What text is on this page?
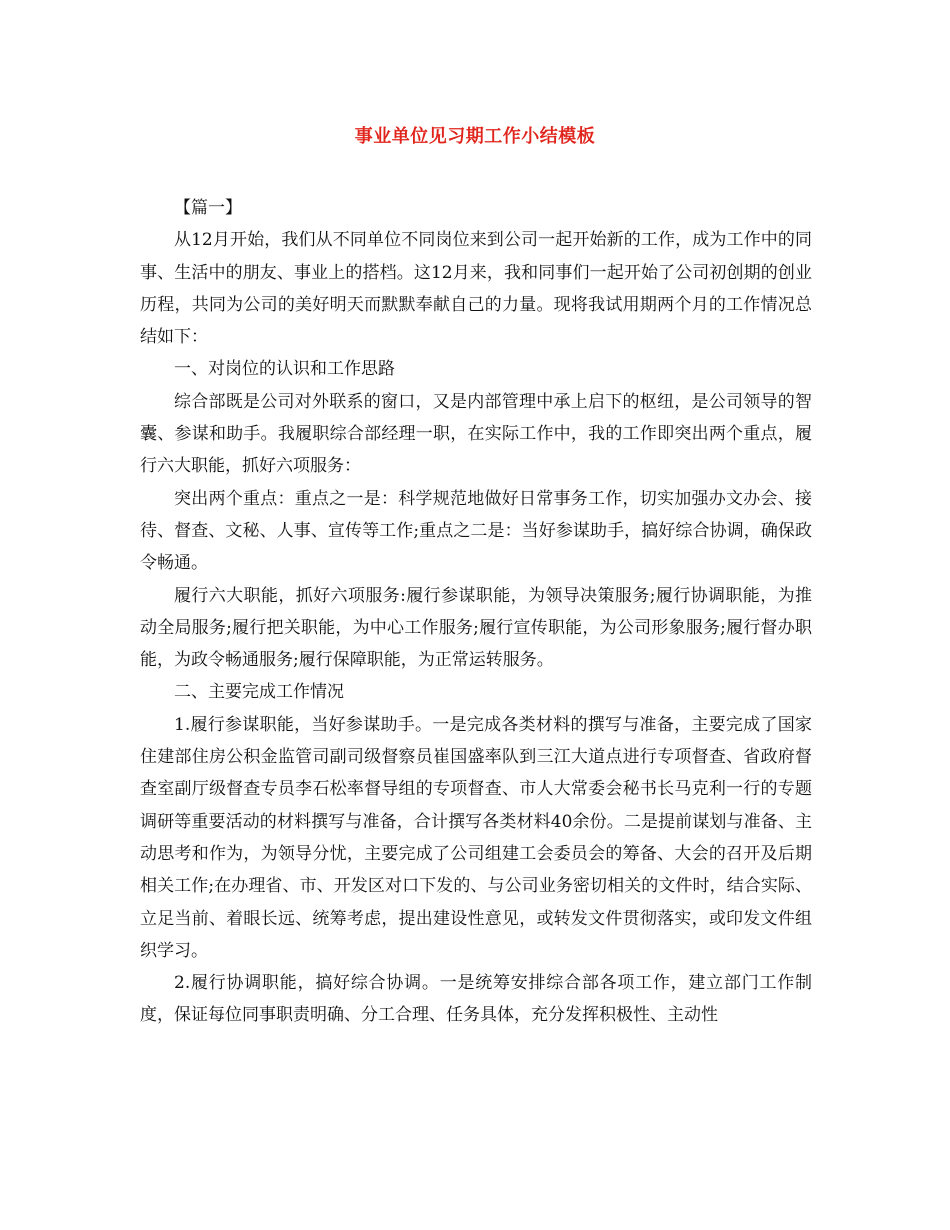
事业单位见习期工作小结模板

【篇一】

从12月开始，我们从不同单位不同岗位来到公司一起开始新的工作，成为工作中的同事、生活中的朋友、事业上的搭档。这12月来，我和同事们一起开始了公司初创期的创业历程，共同为公司的美好明天而默默奉献自己的力量。现将我试用期两个月的工作情况总结如下：

一、对岗位的认识和工作思路

综合部既是公司对外联系的窗口，又是内部管理中承上启下的枢纽，是公司领导的智囊、参谋和助手。我履职综合部经理一职，在实际工作中，我的工作即突出两个重点，履行六大职能，抓好六项服务：

突出两个重点：重点之一是：科学规范地做好日常事务工作，切实加强办文办会、接待、督查、文秘、人事、宣传等工作;重点之二是：当好参谋助手，搞好综合协调，确保政令畅通。

履行六大职能，抓好六项服务:履行参谋职能，为领导决策服务;履行协调职能，为推动全局服务;履行把关职能，为中心工作服务;履行宣传职能，为公司形象服务;履行督办职能，为政令畅通服务;履行保障职能，为正常运转服务。

二、主要完成工作情况

1.履行参谋职能，当好参谋助手。一是完成各类材料的撰写与准备，主要完成了国家住建部住房公积金监管司副司级督察员崔国盛率队到三江大道点进行专项督查、省政府督查室副厅级督查专员李石松率督导组的专项督查、市人大常委会秘书长马克利一行的专题调研等重要活动的材料撰写与准备，合计撰写各类材料40余份。二是提前谋划与准备、主动思考和作为，为领导分忧，主要完成了公司组建工会委员会的筹备、大会的召开及后期相关工作;在办理省、市、开发区对口下发的、与公司业务密切相关的文件时，结合实际、立足当前、着眼长远、统筹考虑，提出建设性意见，或转发文件贯彻落实，或印发文件组织学习。

2.履行协调职能，搞好综合协调。一是统筹安排综合部各项工作，建立部门工作制度，保证每位同事职责明确、分工合理、任务具体，充分发挥积极性、主动性
